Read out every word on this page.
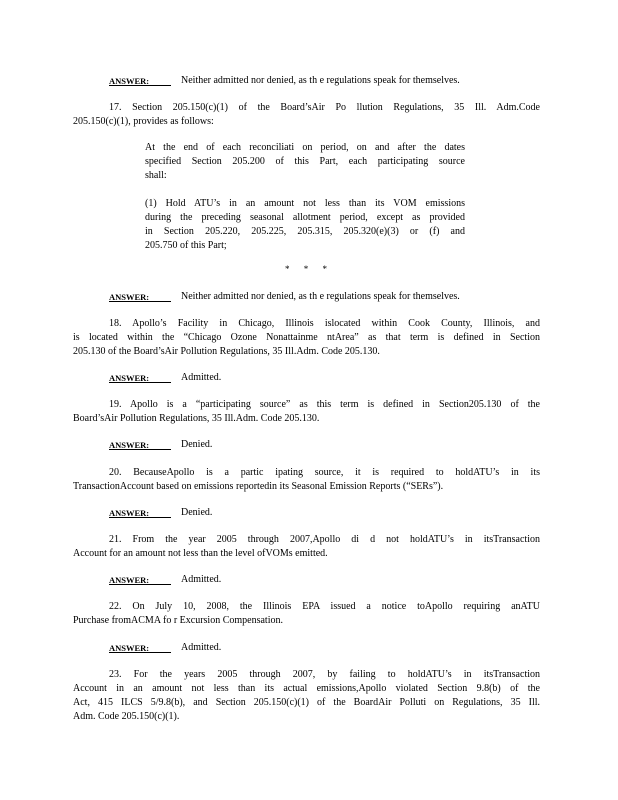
ANSWER:	Neither admitted nor denied, as th e regulations speak for themselves.
17. Section 205.150(c)(1) of the Board’sAir Po llution Regulations, 35 Ill. Adm.Code
205.150(c)(1), provides as follows:
At the end of each reconciliati on period, on and after the dates
specified Section 205.200 of this Part, each participating source
shall:
(1) Hold ATU’s in an amount not less than its VOM emissions
during the preceding seasonal allotment period, except as provided
in Section 205.220, 205.225, 205.315, 205.320(e)(3) or (f) and
205.750 of this Part;
* * *
ANSWER:	Neither admitted nor denied, as th e regulations speak for themselves.
18. Apollo’s Facility in Chicago, Illinois islocated within Cook County, Illinois, and
is located within the “Chicago Ozone Nonattainme ntArea” as that term is defined in Section
205.130 of the Board’sAir Pollution Regulations, 35 Ill.Adm. Code 205.130.
ANSWER:	Admitted.
19. Apollo is a “participating source” as this term is defined in Section205.130 of the
Board’sAir Pollution Regulations, 35 Ill.Adm. Code 205.130.
ANSWER:	Denied.
20. BecauseApollo is a partic ipating source, it is required to holdATU’s in its
TransactionAccount based on emissions reportedin its Seasonal Emission Reports (“SERs”).
ANSWER:	Denied.
21. From the year 2005 through 2007,Apollo di d not holdATU’s in itsTransaction
Account for an amount not less than the level ofVOMs emitted.
ANSWER:	Admitted.
22. On July 10, 2008, the Illinois EPA issued a notice toApollo requiring anATU
Purchase fromACMA fo r Excursion Compensation.
ANSWER:	Admitted.
23. For the years 2005 through 2007, by failing to holdATU’s in itsTransaction
Account in an amount not less than its actual emissions,Apollo violated Section 9.8(b) of the
Act, 415 ILCS 5/9.8(b), and Section 205.150(c)(1) of the BoardAir Polluti on Regulations, 35 Ill.
Adm. Code 205.150(c)(1).
